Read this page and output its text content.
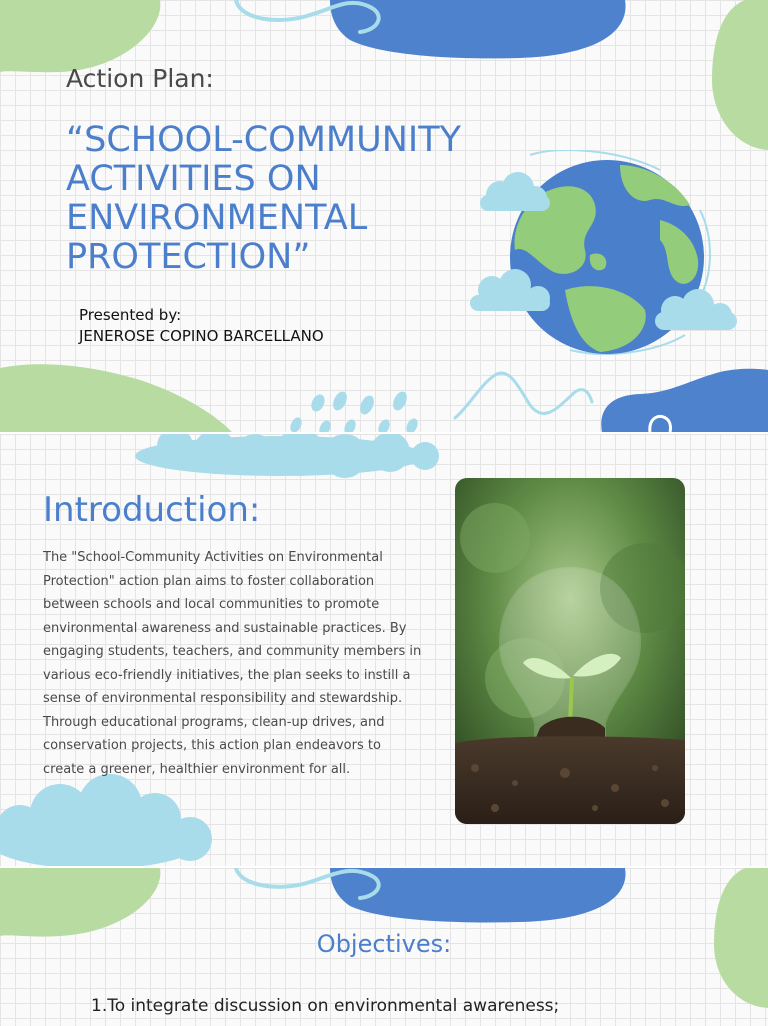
Action Plan:
“SCHOOL-COMMUNITY ACTIVITIES ON ENVIRONMENTAL PROTECTION”
Presented by:
JENEROSE COPINO BARCELLANO
Introduction:
The "School-Community Activities on Environmental Protection" action plan aims to foster collaboration between schools and local communities to promote environmental awareness and sustainable practices. By engaging students, teachers, and community members in various eco-friendly initiatives, the plan seeks to instill a sense of environmental responsibility and stewardship. Through educational programs, clean-up drives, and conservation projects, this action plan endeavors to create a greener, healthier environment for all.
Objectives:
1.To integrate discussion on environmental awareness;
